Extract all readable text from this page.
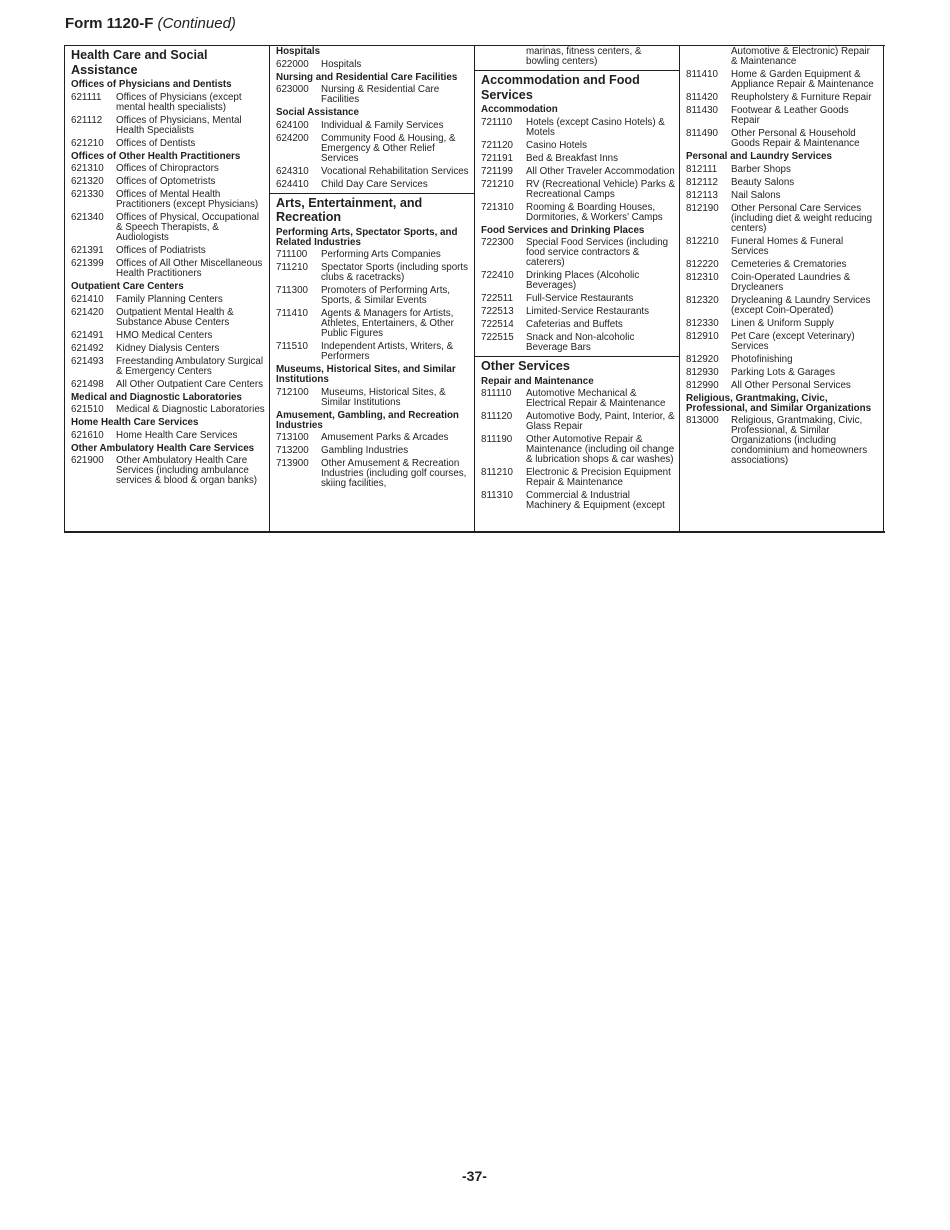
Form 1120-F (Continued)
Health Care and Social Assistance
Offices of Physicians and Dentists
621111	Offices of Physicians (except mental health specialists)
621112	Offices of Physicians, Mental Health Specialists
621210	Offices of Dentists
Offices of Other Health Practitioners
621310	Offices of Chiropractors
621320	Offices of Optometrists
621330	Offices of Mental Health Practitioners (except Physicians)
621340	Offices of Physical, Occupational & Speech Therapists, & Audiologists
621391	Offices of Podiatrists
621399	Offices of All Other Miscellaneous Health Practitioners
Outpatient Care Centers
621410	Family Planning Centers
621420	Outpatient Mental Health & Substance Abuse Centers
621491	HMO Medical Centers
621492	Kidney Dialysis Centers
621493	Freestanding Ambulatory Surgical & Emergency Centers
621498	All Other Outpatient Care Centers
Medical and Diagnostic Laboratories
621510	Medical & Diagnostic Laboratories
Home Health Care Services
621610	Home Health Care Services
Other Ambulatory Health Care Services
621900	Other Ambulatory Health Care Services (including ambulance services & blood & organ banks)
Hospitals
622000	Hospitals
Nursing and Residential Care Facilities
623000	Nursing & Residential Care Facilities
Social Assistance
624100	Individual & Family Services
624200	Community Food & Housing, & Emergency & Other Relief Services
624310	Vocational Rehabilitation Services
624410	Child Day Care Services
Arts, Entertainment, and Recreation
Performing Arts, Spectator Sports, and Related Industries
711100	Performing Arts Companies
711210	Spectator Sports (including sports clubs & racetracks)
711300	Promoters of Performing Arts, Sports, & Similar Events
711410	Agents & Managers for Artists, Athletes, Entertainers, & Other Public Figures
711510	Independent Artists, Writers, & Performers
Museums, Historical Sites, and Similar Institutions
712100	Museums, Historical Sites, & Similar Institutions
Amusement, Gambling, and Recreation Industries
713100	Amusement Parks & Arcades
713200	Gambling Industries
713900	Other Amusement & Recreation Industries (including golf courses, skiing facilities,
marinas, fitness centers, & bowling centers)
Accommodation and Food Services
Accommodation
721110	Hotels (except Casino Hotels) & Motels
721120	Casino Hotels
721191	Bed & Breakfast Inns
721199	All Other Traveler Accommodation
721210	RV (Recreational Vehicle) Parks & Recreational Camps
721310	Rooming & Boarding Houses, Dormitories, & Workers' Camps
Food Services and Drinking Places
722300	Special Food Services (including food service contractors & caterers)
722410	Drinking Places (Alcoholic Beverages)
722511	Full-Service Restaurants
722513	Limited-Service Restaurants
722514	Cafeterias and Buffets
722515	Snack and Non-alcoholic Beverage Bars
Other Services
Repair and Maintenance
811110	Automotive Mechanical & Electrical Repair & Maintenance
811120	Automotive Body, Paint, Interior, & Glass Repair
811190	Other Automotive Repair & Maintenance (including oil change & lubrication shops & car washes)
811210	Electronic & Precision Equipment Repair & Maintenance
811310	Commercial & Industrial Machinery & Equipment (except
Automotive & Electronic) Repair & Maintenance
811410	Home & Garden Equipment & Appliance Repair & Maintenance
811420	Reupholstery & Furniture Repair
811430	Footwear & Leather Goods Repair
811490	Other Personal & Household Goods Repair & Maintenance
Personal and Laundry Services
812111	Barber Shops
812112	Beauty Salons
812113	Nail Salons
812190	Other Personal Care Services (including diet & weight reducing centers)
812210	Funeral Homes & Funeral Services
812220	Cemeteries & Crematories
812310	Coin-Operated Laundries & Drycleaners
812320	Drycleaning & Laundry Services (except Coin-Operated)
812330	Linen & Uniform Supply
812910	Pet Care (except Veterinary) Services
812920	Photofinishing
812930	Parking Lots & Garages
812990	All Other Personal Services
Religious, Grantmaking, Civic, Professional, and Similar Organizations
813000	Religious, Grantmaking, Civic, Professional, & Similar Organizations (including condominium and homeowners associations)
-37-
